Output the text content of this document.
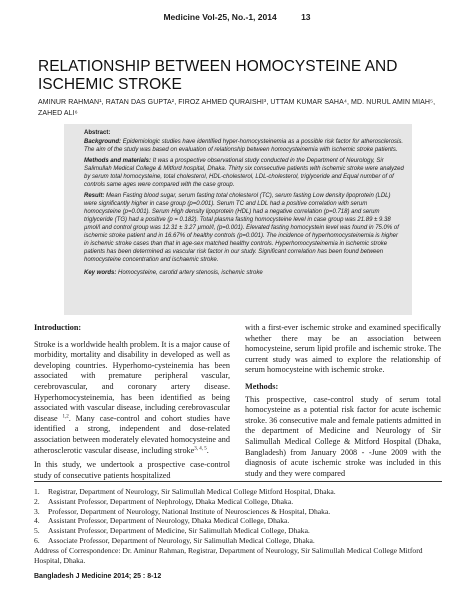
Medicine Vol-25, No.-1, 2014	13
RELATIONSHIP BETWEEN HOMOCYSTEINE AND ISCHEMIC STROKE
AMINUR RAHMAN¹, RATAN DAS GUPTA², FIROZ AHMED QURAISHI³, UTTAM KUMAR SAHA⁴, MD. NURUL AMIN MIAH⁵, ZAHED ALI⁶

Abstract:

Background: Epidemiologic studies have identified hyper-homocysteinemia as a possible risk factor for atherosclerosis. The aim of the study was based on evaluation of relationship between homocysteinemia with ischemic stroke patients.

Methods and materials: It was a prospective observational study conducted in the Department of Neurology, Sir Salimullah Medical College & Mitford hospital, Dhaka. Thirty six consecutive patients with ischemic stroke were analyzed by serum total homocysteine, total cholesterol, HDL-cholesterol, LDL-cholesterol, triglyceride and Equal number of of controls same ages were compared with the case group.

Result: Mean Fasting blood sugar, serum fasting total cholesterol (TC), serum fasting Low density lipoprotein (LDL) were significantly higher in case group (p=0.001). Serum TC and LDL had a positive correlation with serum homocysteine (p=0.001). Serum High density lipoprotein (HDL) had a negative correlation (p=0.718) and serum triglyceride (TG) had a positive (p = 0.182). Total plasma fasting homocysteine level in case group was 21.89 ± 9.38 µmol/l and control group was 12.31 ± 3.27 µmol/l, (p=0.001). Elevated fasting homocystein level was found in 75.0% of ischemic stroke patient and in 16.67% of healthy controls (p=0.001). The incidence of hyperhomocysteinemia is higher in ischemic stroke cases than that in age-sex matched healthy controls. Hyperhomocysteinemia in ischemic stroke patients has been determined as vascular risk factor in our study. Significant correlation has been found between homocysteine concentration and ischaemic stroke.

Key words: Homocysteine, carotid artery stenosis, ischemic stroke

Introduction:

Stroke is a worldwide health problem. It is a major cause of morbidity, mortality and disability in developed as well as developing countries. Hyperhomo-cysteinemia has been associated with premature peripheral vascular, cerebrovascular, and coronary artery disease. Hyperhomocysteinemia, has been identified as being associated with vascular disease, including cerebrovascular disease $^{1,2}$. Many case-control and cohort studies have identified a strong, independent and dose-related association between moderately elevated homocysteine and atherosclerotic vascular disease, including stroke$^{3, 4, 5}$.

In this study, we undertook a prospective case-control study of consecutive patients hospitalized

with a first-ever ischemic stroke and examined specifically whether there may be an association between homocysteine, serum lipid profile and ischemic stroke. The current study was aimed to explore the relationship of serum homocysteine with ischemic stroke.

Methods:

This prospective, case-control study of serum total homocysteine as a potential risk factor for acute ischemic stroke. 36 consecutive male and female patients admitted in the department of Medicine and Neurology of Sir Salimullah Medical College & Mitford Hospital (Dhaka, Bangladesh) from January 2008 - -June 2009 with the diagnosis of acute ischemic stroke was included in this study and they were compared

1.	Registrar, Department of Neurology, Sir Salimullah Medical College Mitford Hospital, Dhaka.
2.	Assistant Professor, Department of Nephrology, Dhaka Medical College, Dhaka.
3.	Professor, Department of Neurology, National Institute of Neurosciences & Hospital, Dhaka.
4.	Assistant Professor, Department of Neurology, Dhaka Medical College, Dhaka.
5.	Assistant Professor, Department of Medicine, Sir Salimullah Medical College, Dhaka.
6.	Associate Professor, Department of Neurology, Sir Salimullah Medical College, Dhaka.
Address of Correspondence: Dr. Aminur Rahman, Registrar, Department of Neurology, Sir Salimullah Medical College Mitford Hospital, Dhaka.
Bangladesh J Medicine 2014; 25 : 8-12
